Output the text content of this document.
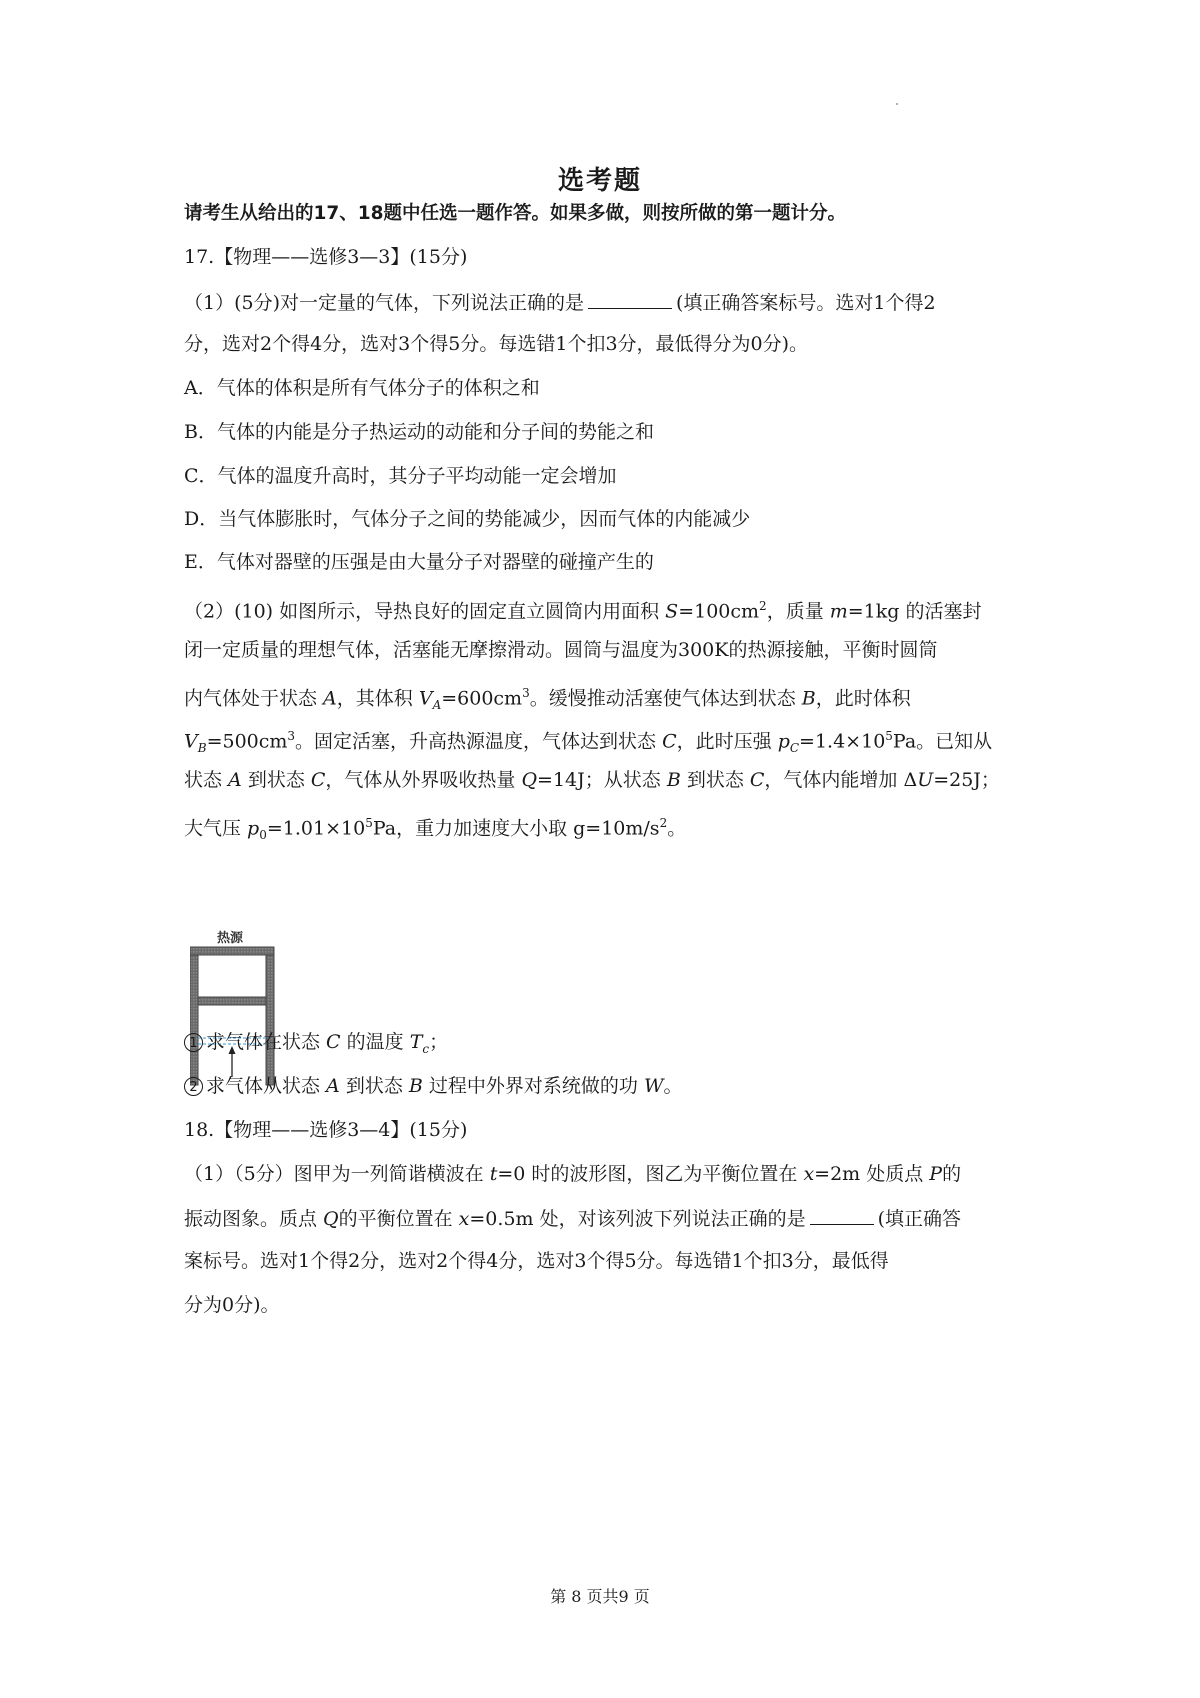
选考题
请考生从给出的17、18题中任选一题作答。如果多做，则按所做的第一题计分。
17.【物理——选修3—3】(15分)
（1）(5分)对一定量的气体，下列说法正确的是	(填正确答案标号。选对1个得2
分，选对2个得4分，选对3个得5分。每选错1个扣3分，最低得分为0分)。
A．气体的体积是所有气体分子的体积之和
B．气体的内能是分子热运动的动能和分子间的势能之和
C．气体的温度升高时，其分子平均动能一定会增加
D．当气体膨胀时，气体分子之间的势能减少，因而气体的内能减少
E．气体对器壁的压强是由大量分子对器壁的碰撞产生的
（2）(10) 如图所示，导热良好的固定直立圆筒内用面积 $S=100cm^2$，质量 m=1kg 的活塞封
闭一定质量的理想气体，活塞能无摩擦滑动。圆筒与温度为300K的热源接触，平衡时圆筒
内气体处于状态 A，其体积 $V_A=600cm^3$。缓慢推动活塞使气体达到状态 B，此时体积
$V_B=500cm^3$。固定活塞，升高热源温度，气体达到状态 C，此时压强 $p_C=1.4\times 10^5Pa$。已知从
状态 A 到状态 C，气体从外界吸收热量 Q=14J；从状态 B 到状态 C，气体内能增加 ΔU=25J；
大气压 $p_0=1.01\times 10^5Pa$，重力加速度大小取 $g=10m/s^2$。
热源
1 求气体在状态 C 的温度 $T_c$；
2 求气体从状态 A 到状态 B 过程中外界对系统做的功 W。
18.【物理——选修3—4】(15分)
（1）（5分）图甲为一列简谐横波在 t=0 时的波形图，图乙为平衡位置在 x=2m 处质点 P的
振动图象。质点 Q的平衡位置在 x=0.5m 处，对该列波下列说法正确的是	(填正确答
案标号。选对1个得2分，选对2个得4分，选对3个得5分。每选错1个扣3分，最低得
分为0分)。
第 8 页共9 页
